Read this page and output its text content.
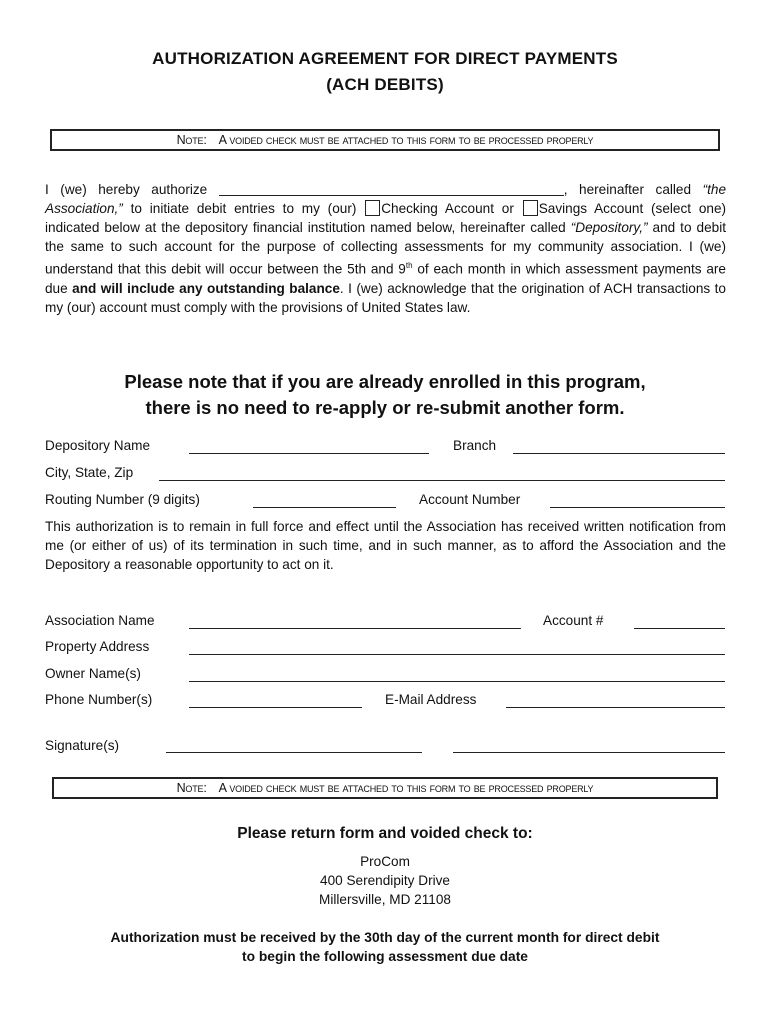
AUTHORIZATION AGREEMENT FOR DIRECT PAYMENTS
(ACH DEBITS)
Note: A voided check must be attached to this form to be processed properly
I (we) hereby authorize	, hereinafter called “the Association,” to initiate debit entries to my (our) Checking Account or Savings Account (select one) indicated below at the depository financial institution named below, hereinafter called “Depository,” and to debit the same to such account for the purpose of collecting assessments for my community association. I (we) understand that this debit will occur between the 5th and 9th of each month in which assessment payments are due and will include any outstanding balance. I (we) acknowledge that the origination of ACH transactions to my (our) account must comply with the provisions of United States law.
Please note that if you are already enrolled in this program,
there is no need to re-apply or re-submit another form.
Depository Name	Branch
City, State, Zip
Routing Number (9 digits)	Account Number
This authorization is to remain in full force and effect until the Association has received written notification from me (or either of us) of its termination in such time, and in such manner, as to afford the Association and the Depository a reasonable opportunity to act on it.
Association Name	Account #
Property Address
Owner Name(s)
Phone Number(s)	E-Mail Address
Signature(s)
Note: A voided check must be attached to this form to be processed properly
Please return form and voided check to:
ProCom
400 Serendipity Drive
Millersville, MD 21108
Authorization must be received by the 30th day of the current month for direct debit
to begin the following assessment due date
